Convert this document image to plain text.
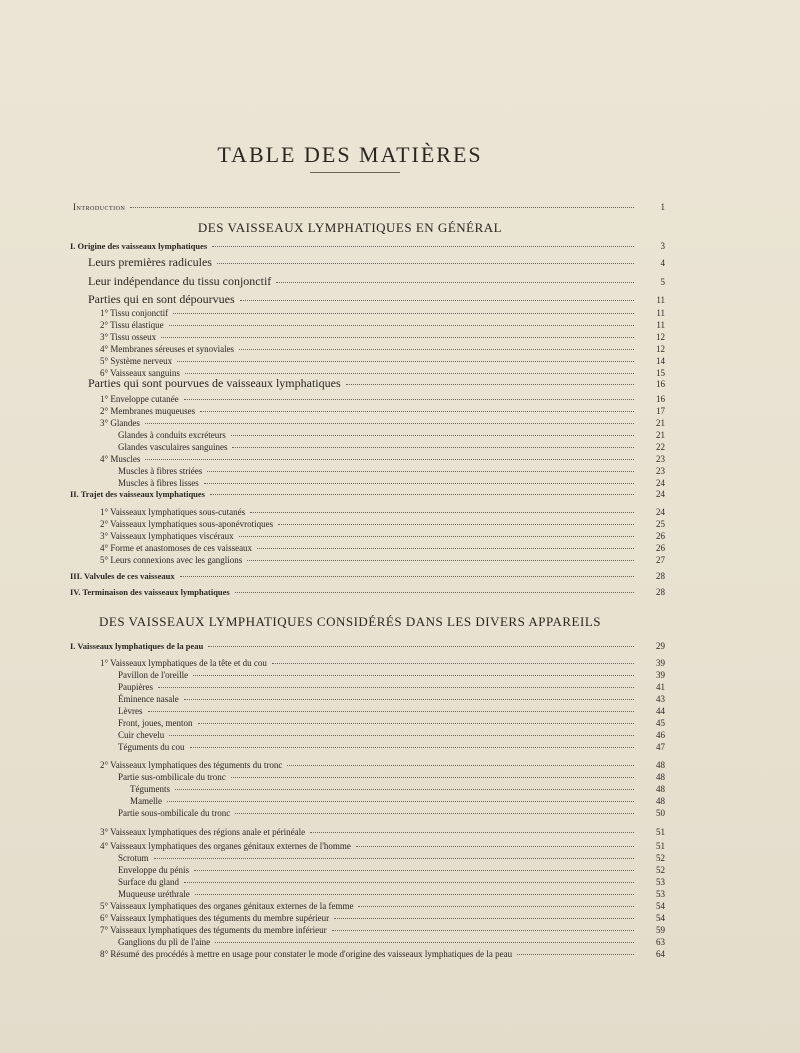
TABLE DES MATIÈRES
DES VAISSEAUX LYMPHATIQUES EN GÉNÉRAL
DES VAISSEAUX LYMPHATIQUES CONSIDÉRÉS DANS LES DIVERS APPAREILS
Introduction	1
I. Origine des vaisseaux lymphatiques	3
Leurs premières radicules	4
Leur indépendance du tissu conjonctif	5
Parties qui en sont dépourvues	11
1° Tissu conjonctif	11
2° Tissu élastique	11
3° Tissu osseux	12
4° Membranes séreuses et synoviales	12
5° Système nerveux	14
6° Vaisseaux sanguins	15
Parties qui sont pourvues de vaisseaux lymphatiques	16
1° Enveloppe cutanée	16
2° Membranes muqueuses	17
3° Glandes	21
Glandes à conduits excréteurs	21
Glandes vasculaires sanguines	22
4° Muscles	23
Muscles à fibres striées	23
Muscles à fibres lisses	24
II. Trajet des vaisseaux lymphatiques	24
1° Vaisseaux lymphatiques sous-cutanés	24
2° Vaisseaux lymphatiques sous-aponévrotiques	25
3° Vaisseaux lymphatiques viscéraux	26
4° Forme et anastomoses de ces vaisseaux	26
5° Leurs connexions avec les ganglions	27
III. Valvules de ces vaisseaux	28
IV. Terminaison des vaisseaux lymphatiques	28
I. Vaisseaux lymphatiques de la peau	29
1° Vaisseaux lymphatiques de la tête et du cou	39
Pavillon de l'oreille	39
Paupières	41
Éminence nasale	43
Lèvres	44
Front, joues, menton	45
Cuir chevelu	46
Téguments du cou	47
2° Vaisseaux lymphatiques des téguments du tronc	48
Partie sus-ombilicale du tronc	48
Téguments	48
Mamelle	48
Partie sous-ombilicale du tronc	50
3° Vaisseaux lymphatiques des régions anale et périnéale	51
4° Vaisseaux lymphatiques des organes génitaux externes de l'homme	51
Scrotum	52
Enveloppe du pénis	52
Surface du gland	53
Muqueuse uréthrale	53
5° Vaisseaux lymphatiques des organes génitaux externes de la femme	54
6° Vaisseaux lymphatiques des téguments du membre supérieur	54
7° Vaisseaux lymphatiques des téguments du membre inférieur	59
Ganglions du pli de l'aine	63
8° Résumé des procédés à mettre en usage pour constater le mode d'origine des vaisseaux lymphatiques de la peau	64
